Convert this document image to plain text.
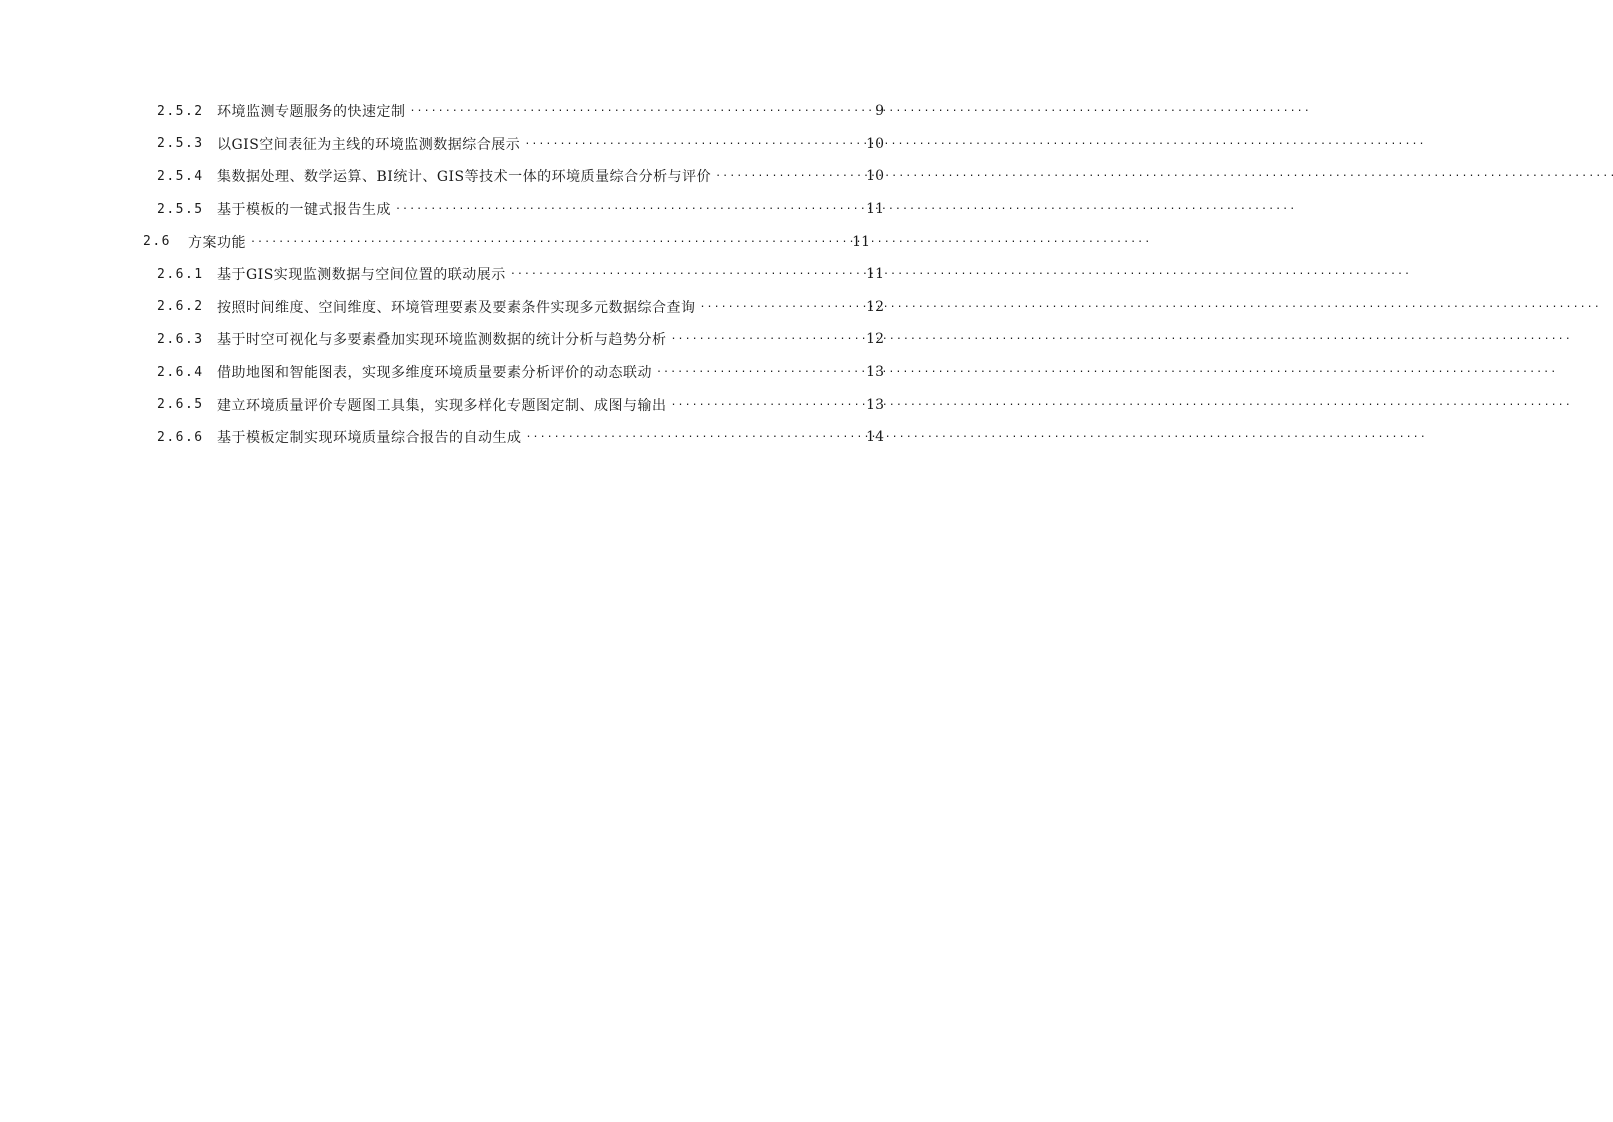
2.5.2 环境监测专题服务的快速定制 . . .	9
2.5.3 以GIS空间表征为主线的环境监测数据综合展示 . . .	10
2.5.4 集数据处理、数学运算、BI统计、GIS等技术一体的环境质量综合分析与评价 . . .	10
2.5.5 基于模板的一键式报告生成 . . .	11
2.6	方案功能 . . .	11
2.6.1 基于GIS实现监测数据与空间位置的联动展示 . . .	11
2.6.2 按照时间维度、空间维度、环境管理要素及要素条件实现多元数据综合查询 . . .	12
2.6.3 基于时空可视化与多要素叠加实现环境监测数据的统计分析与趋势分析 . . .	12
2.6.4 借助地图和智能图表，实现多维度环境质量要素分析评价的动态联动 . . .	13
2.6.5 建立环境质量评价专题图工具集，实现多样化专题图定制、成图与输出 . . .	13
2.6.6 基于模板定制实现环境质量综合报告的自动生成 . . .	14
